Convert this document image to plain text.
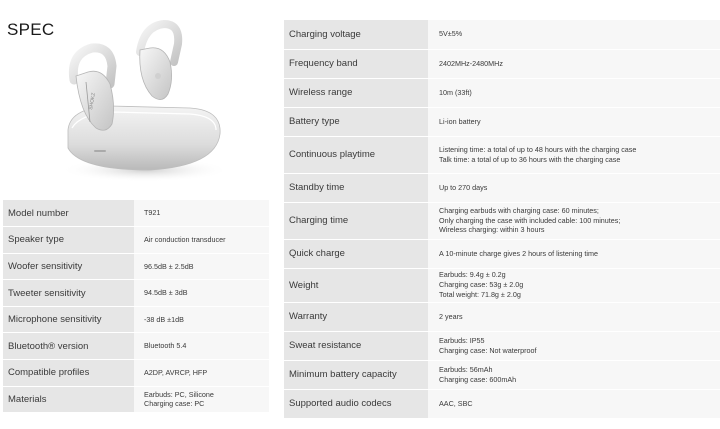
SPEC
SHOKZ
Model number	T921

Speaker type	Air conduction transducer

Woofer sensitivity	96.5dB ± 2.5dB

Tweeter sensitivity	94.5dB ± 3dB

Microphone sensitivity	-38 dB ±1dB

Bluetooth® version	Bluetooth 5.4

Compatible profiles	A2DP, AVRCP, HFP

Materials	Earbuds: PC, Silicone
Charging case: PC
Charging voltage	5V±5%

Frequency band	2402MHz-2480MHz

Wireless range	10m (33ft)

Battery type	Li-ion battery

Continuous playtime	Listening time: a total of up to 48 hours with the charging case
Talk time: a total of up to 36 hours with the charging case

Standby time	Up to 270 days

Charging time	Charging earbuds with charging case: 60 minutes;
Only charging the case with included cable: 100 minutes;
Wireless charging: within 3 hours

Quick charge	A 10-minute charge gives 2 hours of listening time

Weight	Earbuds: 9.4g ± 0.2g
Charging case: 53g ± 2.0g
Total weight: 71.8g ± 2.0g

Warranty	2 years

Sweat resistance	Earbuds: IP55
Charging case: Not waterproof

Minimum battery capacity	Earbuds: 56mAh
Charging case: 600mAh

Supported audio codecs	AAC, SBC
